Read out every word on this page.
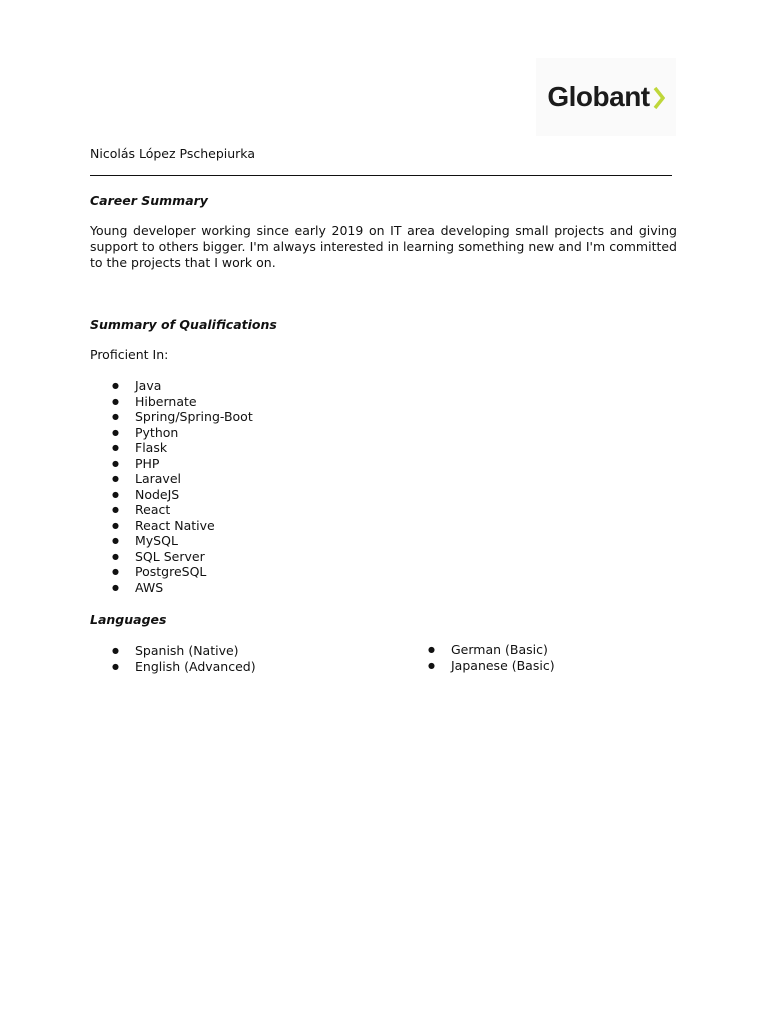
Globant
Nicolás López Pschepiurka
Career Summary
Young developer working since early 2019 on IT area developing small projects and giving support to others bigger. I'm always interested in learning something new and I'm committed to the projects that I work on.
Summary of Qualifications
Proficient In:
● Java
● Hibernate
● Spring/Spring-Boot
● Python
● Flask
● PHP
● Laravel
● NodeJS
● React
● React Native
● MySQL
● SQL Server
● PostgreSQL
● AWS
Languages
● Spanish (Native)
● English (Advanced)
● German (Basic)
● Japanese (Basic)
